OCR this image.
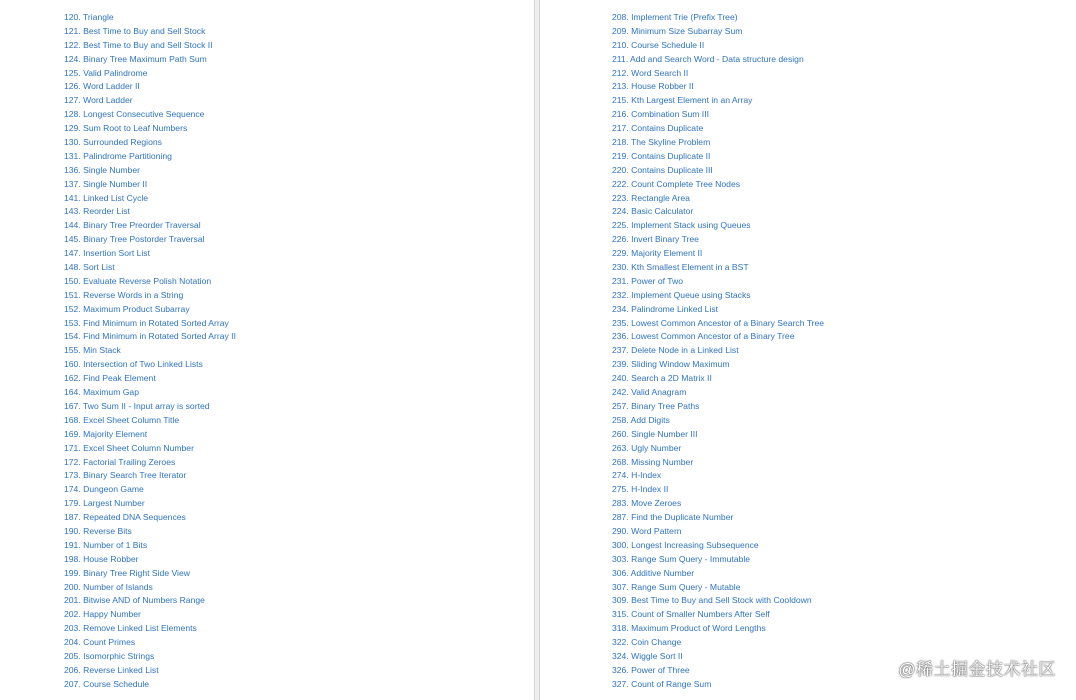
120. Triangle
121. Best Time to Buy and Sell Stock
122. Best Time to Buy and Sell Stock II
124. Binary Tree Maximum Path Sum
125. Valid Palindrome
126. Word Ladder II
127. Word Ladder
128. Longest Consecutive Sequence
129. Sum Root to Leaf Numbers
130. Surrounded Regions
131. Palindrome Partitioning
136. Single Number
137. Single Number II
141. Linked List Cycle
143. Reorder List
144. Binary Tree Preorder Traversal
145. Binary Tree Postorder Traversal
147. Insertion Sort List
148. Sort List
150. Evaluate Reverse Polish Notation
151. Reverse Words in a String
152. Maximum Product Subarray
153. Find Minimum in Rotated Sorted Array
154. Find Minimum in Rotated Sorted Array II
155. Min Stack
160. Intersection of Two Linked Lists
162. Find Peak Element
164. Maximum Gap
167. Two Sum II - Input array is sorted
168. Excel Sheet Column Title
169. Majority Element
171. Excel Sheet Column Number
172. Factorial Trailing Zeroes
173. Binary Search Tree Iterator
174. Dungeon Game
179. Largest Number
187. Repeated DNA Sequences
190. Reverse Bits
191. Number of 1 Bits
198. House Robber
199. Binary Tree Right Side View
200. Number of Islands
201. Bitwise AND of Numbers Range
202. Happy Number
203. Remove Linked List Elements
204. Count Primes
205. Isomorphic Strings
206. Reverse Linked List
207. Course Schedule
208. Implement Trie (Prefix Tree)
209. Minimum Size Subarray Sum
210. Course Schedule II
211. Add and Search Word - Data structure design
212. Word Search II
213. House Robber II
215. Kth Largest Element in an Array
216. Combination Sum III
217. Contains Duplicate
218. The Skyline Problem
219. Contains Duplicate II
220. Contains Duplicate III
222. Count Complete Tree Nodes
223. Rectangle Area
224. Basic Calculator
225. Implement Stack using Queues
226. Invert Binary Tree
229. Majority Element II
230. Kth Smallest Element in a BST
231. Power of Two
232. Implement Queue using Stacks
234. Palindrome Linked List
235. Lowest Common Ancestor of a Binary Search Tree
236. Lowest Common Ancestor of a Binary Tree
237. Delete Node in a Linked List
239. Sliding Window Maximum
240. Search a 2D Matrix II
242. Valid Anagram
257. Binary Tree Paths
258. Add Digits
260. Single Number III
263. Ugly Number
268. Missing Number
274. H-Index
275. H-Index II
283. Move Zeroes
287. Find the Duplicate Number
290. Word Pattern
300. Longest Increasing Subsequence
303. Range Sum Query - Immutable
306. Additive Number
307. Range Sum Query - Mutable
309. Best Time to Buy and Sell Stock with Cooldown
315. Count of Smaller Numbers After Self
318. Maximum Product of Word Lengths
322. Coin Change
324. Wiggle Sort II
326. Power of Three
327. Count of Range Sum
@稀土掘金技术社区
